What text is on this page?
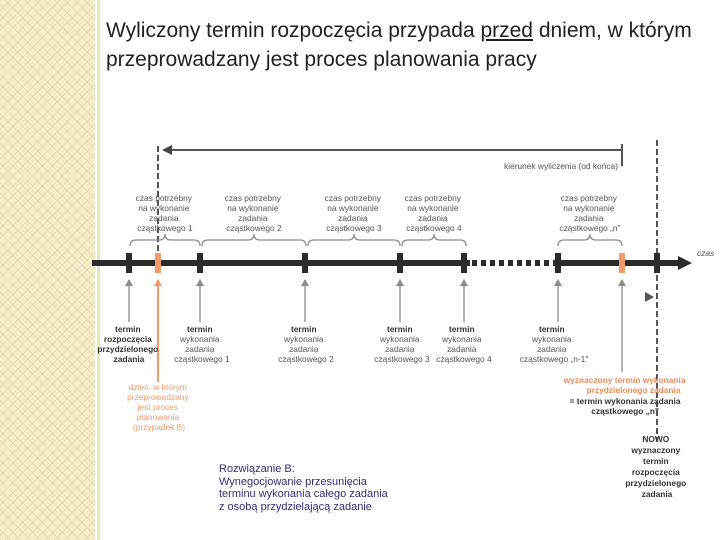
Wyliczony termin rozpoczęcia przypada przed dniem, w którym przeprowadzany jest proces planowania pracy
kierunek wyliczenia (od końca)
czas potrzebny na wykonanie zadania cząstkowego 1
czas potrzebny na wykonanie zadania cząstkowego 2
czas potrzebny na wykonanie zadania cząstkowego 3
czas potrzebny na wykonanie zadania cząstkowego 4
czas potrzebny na wykonanie zadania cząstkowego „n"
czas
termin rozpoczęcia przydzielonego zadania
termin wykonania zadania cząstkowego 1
termin wykonania zadania cząstkowego 2
termin wykonania zadania cząstkowego 3
termin wykonania zadania cząstkowego 4
termin wykonania zadania cząstkowego „n-1"
dzień, w którym przeprowadzany jest proces planowania (przypadek B)
wyznaczony termin wykonania przydzielonego zadania = termin wykonania zadania cząstkowego „n"
NOWO wyznaczony termin rozpoczęcia przydzielonego zadania
Rozwiązanie B:
Wynegocjowanie przesunięcia
terminu wykonania całego zadania
z osobą przydzielającą zadanie
